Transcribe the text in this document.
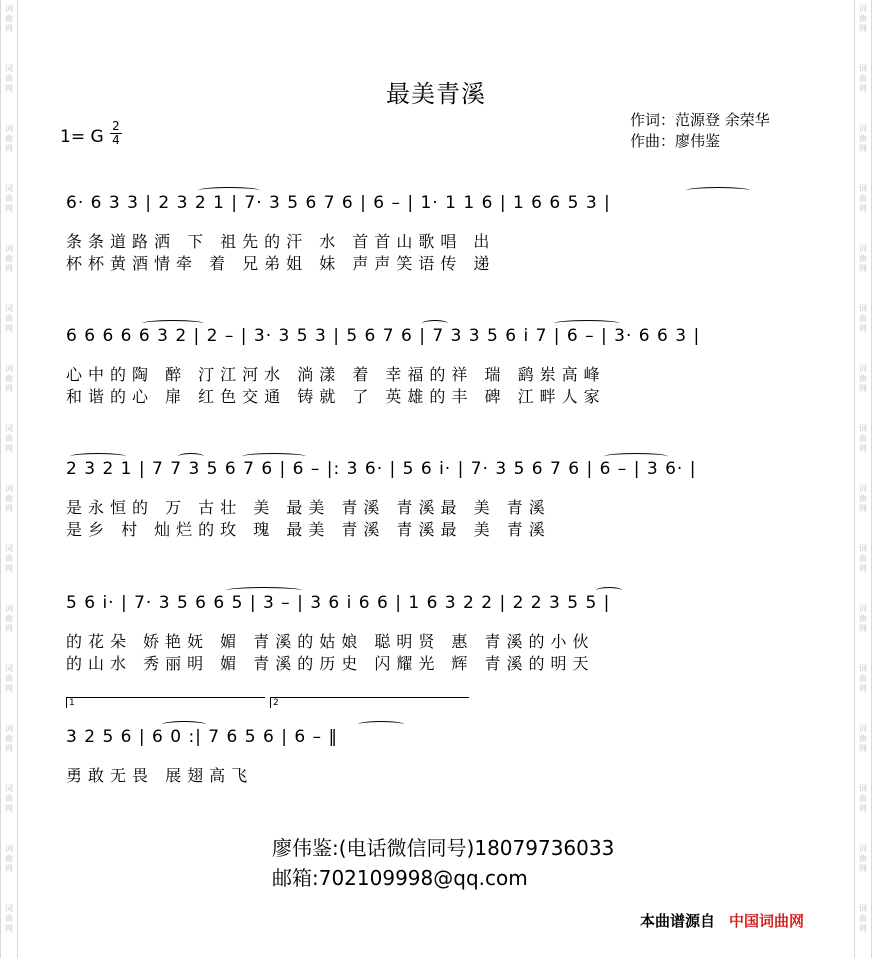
词曲网
词曲网
词曲网
词曲网
词曲网
词曲网
词曲网
词曲网
词曲网
词曲网
词曲网
词曲网
词曲网
词曲网
词曲网
词曲网
词曲网
词曲网
词曲网
词曲网
词曲网
词曲网
词曲网
词曲网
词曲网
词曲网
词曲网
词曲网
词曲网
词曲网
词曲网
词曲网
最美青溪
1= G $\frac{2}{4}$	作词：范源登 余荣华
作曲：廖伟鉴
6· 6 3 3 | 2 3 2 1 | 7· 3 5 6 7 6 | 6 – | 1· 1 1 6 | 1 6 6 5 3 |
条条道路洒 下 祖先的汗 水 首首山歌唱 出
杯杯黄酒情牵 着 兄弟姐 妹 声声笑语传 递
6 6 6 6 6 3 2 | 2 – | 3· 3 5 3 | 5 6 7 6 | 7 3 3 5 6 i 7 | 6 – | 3· 6 6 3 |
心中的陶 醉 汀江河水 淌漾 着 幸福的祥 瑞 鹞岽高峰
和谐的心 扉 红色交通 铸就 了 英雄的丰 碑 江畔人家
2 3 2 1 | 7 7 3 5 6 7 6 | 6 – |: 3 6· | 5 6 i· | 7· 3 5 6 7 6 | 6 – | 3 6· |
是永恒的 万 古壮 美 最美 青溪 青溪最 美 青溪
是乡 村 灿烂的玫 瑰 最美 青溪 青溪最 美 青溪
5 6 i· | 7· 3 5 6 6 5 | 3 – | 3 6 i 6 6 | 1 6 3 2 2 | 2 2 3 5 5 |
的花朵 娇艳妩 媚 青溪的姑娘 聪明贤 惠 青溪的小伙
的山水 秀丽明 媚 青溪的历史 闪耀光 辉 青溪的明天
1	2
3 2 5 6 | 6 0 :| 7 6 5 6 | 6 – ‖
勇敢无畏 展翅高飞
廖伟鉴:(电话微信同号)18079736033
邮箱:702109998@qq.com
本曲谱源自 中国词曲网
